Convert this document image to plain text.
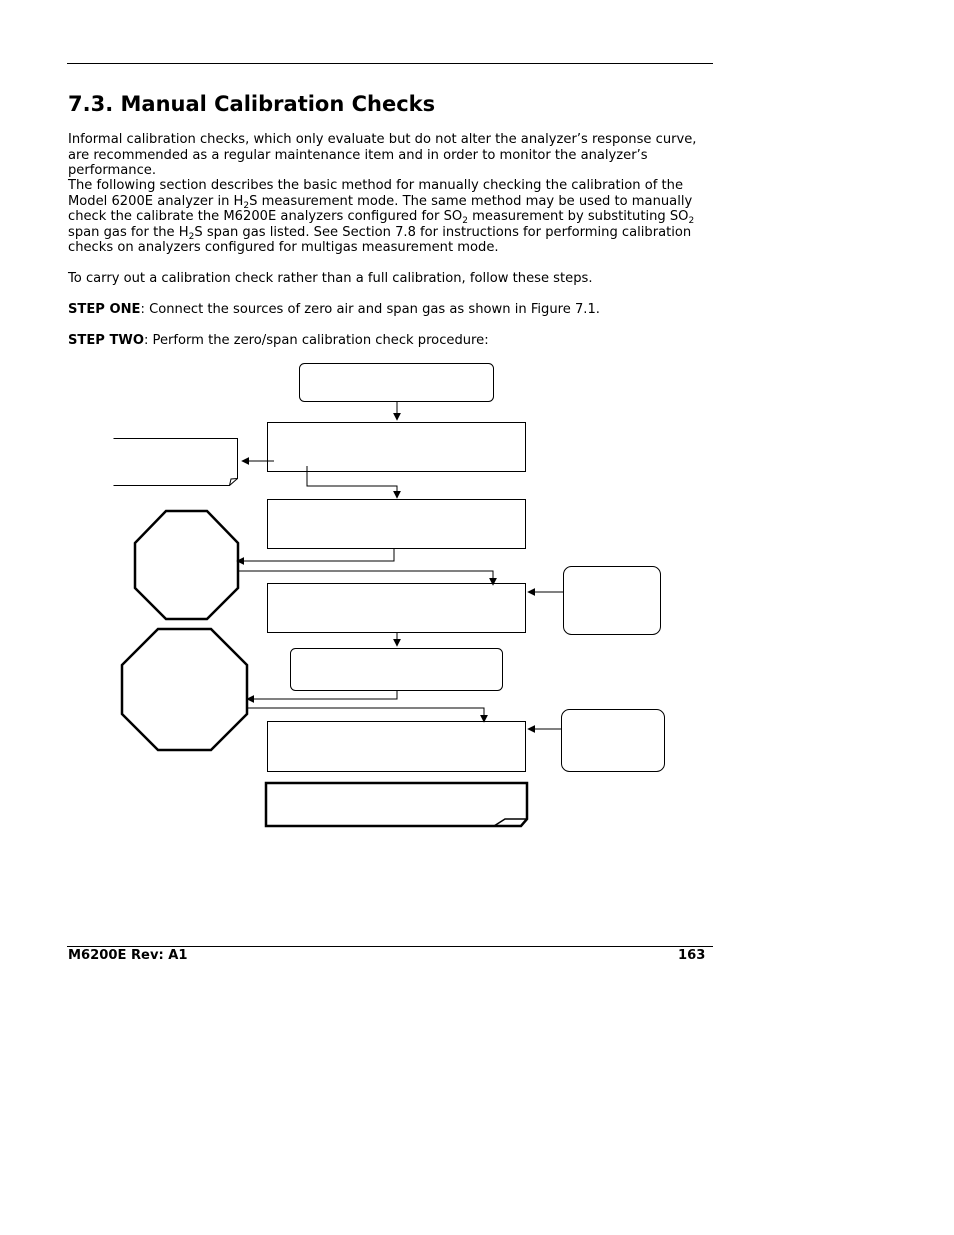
7.3. Manual Calibration Checks

Informal calibration checks, which only evaluate but do not alter the analyzer’s response curve, are recommended as a regular maintenance item and in order to monitor the analyzer’s performance.

The following section describes the basic method for manually checking the calibration of the Model 6200E analyzer in $H_2S$ measurement mode. The same method may be used to manually check the calibrate the M6200E analyzers configured for $SO_2$ measurement by substituting $SO_2$ span gas for the $H_2S$ span gas listed. See Section 7.8 for instructions for performing calibration checks on analyzers configured for multigas measurement mode.

To carry out a calibration check rather than a full calibration, follow these steps.

STEP ONE: Connect the sources of zero air and span gas as shown in Figure 7.1.

STEP TWO: Perform the zero/span calibration check procedure:

M6200E Rev: A1	163
